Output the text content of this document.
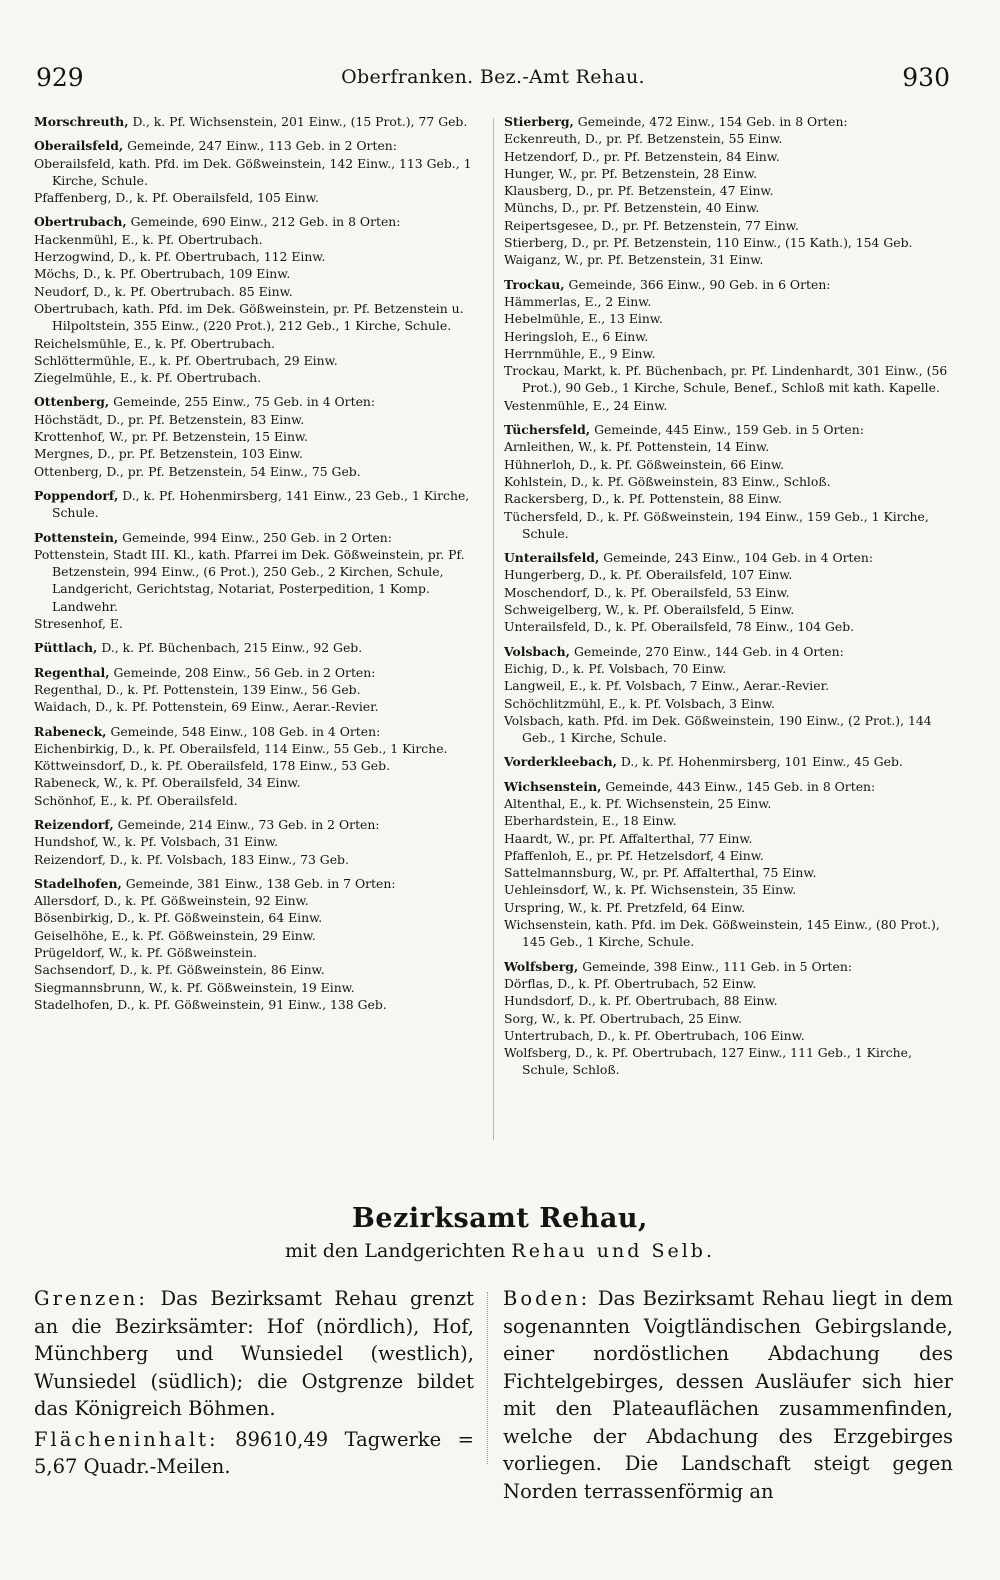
929	Oberfranken. Bez.-Amt Rehau.	930
Morschreuth, D., k. Pf. Wichsenstein, 201 Einw., (15 Prot.), 77 Geb.
Oberailsfeld, Gemeinde, 247 Einw., 113 Geb. in 2 Orten:
Oberailsfeld, kath. Pfd. im Dek. Gößweinstein, 142 Einw., 113 Geb., 1 Kirche, Schule.
Pfaffenberg, D., k. Pf. Oberailsfeld, 105 Einw.
Obertrubach, Gemeinde, 690 Einw., 212 Geb. in 8 Orten:
Hackenmühl, E., k. Pf. Obertrubach.
Herzogwind, D., k. Pf. Obertrubach, 112 Einw.
Möchs, D., k. Pf. Obertrubach, 109 Einw.
Neudorf, D., k. Pf. Obertrubach. 85 Einw.
Obertrubach, kath. Pfd. im Dek. Gößweinstein, pr. Pf. Betzenstein u. Hilpoltstein, 355 Einw., (220 Prot.), 212 Geb., 1 Kirche, Schule.
Reichelsmühle, E., k. Pf. Obertrubach.
Schlöttermühle, E., k. Pf. Obertrubach, 29 Einw.
Ziegelmühle, E., k. Pf. Obertrubach.
Ottenberg, Gemeinde, 255 Einw., 75 Geb. in 4 Orten:
Höchstädt, D., pr. Pf. Betzenstein, 83 Einw.
Krottenhof, W., pr. Pf. Betzenstein, 15 Einw.
Mergnes, D., pr. Pf. Betzenstein, 103 Einw.
Ottenberg, D., pr. Pf. Betzenstein, 54 Einw., 75 Geb.
Poppendorf, D., k. Pf. Hohenmirsberg, 141 Einw., 23 Geb., 1 Kirche, Schule.
Pottenstein, Gemeinde, 994 Einw., 250 Geb. in 2 Orten:
Pottenstein, Stadt III. Kl., kath. Pfarrei im Dek. Gößweinstein, pr. Pf. Betzenstein, 994 Einw., (6 Prot.), 250 Geb., 2 Kirchen, Schule, Landgericht, Gerichtstag, Notariat, Posterpedition, 1 Komp. Landwehr.
Stresenhof, E.
Püttlach, D., k. Pf. Büchenbach, 215 Einw., 92 Geb.
Regenthal, Gemeinde, 208 Einw., 56 Geb. in 2 Orten:
Regenthal, D., k. Pf. Pottenstein, 139 Einw., 56 Geb.
Waidach, D., k. Pf. Pottenstein, 69 Einw., Aerar.-Revier.
Rabeneck, Gemeinde, 548 Einw., 108 Geb. in 4 Orten:
Eichenbirkig, D., k. Pf. Oberailsfeld, 114 Einw., 55 Geb., 1 Kirche.
Köttweinsdorf, D., k. Pf. Oberailsfeld, 178 Einw., 53 Geb.
Rabeneck, W., k. Pf. Oberailsfeld, 34 Einw.
Schönhof, E., k. Pf. Oberailsfeld.
Reizendorf, Gemeinde, 214 Einw., 73 Geb. in 2 Orten:
Hundshof, W., k. Pf. Volsbach, 31 Einw.
Reizendorf, D., k. Pf. Volsbach, 183 Einw., 73 Geb.
Stadelhofen, Gemeinde, 381 Einw., 138 Geb. in 7 Orten:
Allersdorf, D., k. Pf. Gößweinstein, 92 Einw.
Bösenbirkig, D., k. Pf. Gößweinstein, 64 Einw.
Geiselhöhe, E., k. Pf. Gößweinstein, 29 Einw.
Prügeldorf, W., k. Pf. Gößweinstein.
Sachsendorf, D., k. Pf. Gößweinstein, 86 Einw.
Siegmannsbrunn, W., k. Pf. Gößweinstein, 19 Einw.
Stadelhofen, D., k. Pf. Gößweinstein, 91 Einw., 138 Geb.
Stierberg, Gemeinde, 472 Einw., 154 Geb. in 8 Orten:
Eckenreuth, D., pr. Pf. Betzenstein, 55 Einw.
Hetzendorf, D., pr. Pf. Betzenstein, 84 Einw.
Hunger, W., pr. Pf. Betzenstein, 28 Einw.
Klausberg, D., pr. Pf. Betzenstein, 47 Einw.
Münchs, D., pr. Pf. Betzenstein, 40 Einw.
Reipertsgesee, D., pr. Pf. Betzenstein, 77 Einw.
Stierberg, D., pr. Pf. Betzenstein, 110 Einw., (15 Kath.), 154 Geb.
Waiganz, W., pr. Pf. Betzenstein, 31 Einw.
Trockau, Gemeinde, 366 Einw., 90 Geb. in 6 Orten:
Hämmerlas, E., 2 Einw.
Hebelmühle, E., 13 Einw.
Heringsloh, E., 6 Einw.
Herrnmühle, E., 9 Einw.
Trockau, Markt, k. Pf. Büchenbach, pr. Pf. Lindenhardt, 301 Einw., (56 Prot.), 90 Geb., 1 Kirche, Schule, Benef., Schloß mit kath. Kapelle.
Vestenmühle, E., 24 Einw.
Tüchersfeld, Gemeinde, 445 Einw., 159 Geb. in 5 Orten:
Arnleithen, W., k. Pf. Pottenstein, 14 Einw.
Hühnerloh, D., k. Pf. Gößweinstein, 66 Einw.
Kohlstein, D., k. Pf. Gößweinstein, 83 Einw., Schloß.
Rackersberg, D., k. Pf. Pottenstein, 88 Einw.
Tüchersfeld, D., k. Pf. Gößweinstein, 194 Einw., 159 Geb., 1 Kirche, Schule.
Unterailsfeld, Gemeinde, 243 Einw., 104 Geb. in 4 Orten:
Hungerberg, D., k. Pf. Oberailsfeld, 107 Einw.
Moschendorf, D., k. Pf. Oberailsfeld, 53 Einw.
Schweigelberg, W., k. Pf. Oberailsfeld, 5 Einw.
Unterailsfeld, D., k. Pf. Oberailsfeld, 78 Einw., 104 Geb.
Volsbach, Gemeinde, 270 Einw., 144 Geb. in 4 Orten:
Eichig, D., k. Pf. Volsbach, 70 Einw.
Langweil, E., k. Pf. Volsbach, 7 Einw., Aerar.-Revier.
Schöchlitzmühl, E., k. Pf. Volsbach, 3 Einw.
Volsbach, kath. Pfd. im Dek. Gößweinstein, 190 Einw., (2 Prot.), 144 Geb., 1 Kirche, Schule.
Vorderkleebach, D., k. Pf. Hohenmirsberg, 101 Einw., 45 Geb.
Wichsenstein, Gemeinde, 443 Einw., 145 Geb. in 8 Orten:
Altenthal, E., k. Pf. Wichsenstein, 25 Einw.
Eberhardstein, E., 18 Einw.
Haardt, W., pr. Pf. Affalterthal, 77 Einw.
Pfaffenloh, E., pr. Pf. Hetzelsdorf, 4 Einw.
Sattelmannsburg, W., pr. Pf. Affalterthal, 75 Einw.
Uehleinsdorf, W., k. Pf. Wichsenstein, 35 Einw.
Urspring, W., k. Pf. Pretzfeld, 64 Einw.
Wichsenstein, kath. Pfd. im Dek. Gößweinstein, 145 Einw., (80 Prot.), 145 Geb., 1 Kirche, Schule.
Wolfsberg, Gemeinde, 398 Einw., 111 Geb. in 5 Orten:
Dörflas, D., k. Pf. Obertrubach, 52 Einw.
Hundsdorf, D., k. Pf. Obertrubach, 88 Einw.
Sorg, W., k. Pf. Obertrubach, 25 Einw.
Untertrubach, D., k. Pf. Obertrubach, 106 Einw.
Wolfsberg, D., k. Pf. Obertrubach, 127 Einw., 111 Geb., 1 Kirche, Schule, Schloß.
Bezirksamt Rehau,
mit den Landgerichten Rehau und Selb.

Grenzen: Das Bezirksamt Rehau grenzt an die Bezirksämter: Hof (nördlich), Hof, Münchberg und Wunsiedel (westlich), Wunsiedel (südlich); die Ostgrenze bildet das Königreich Böhmen.

Flächeninhalt: 89610,49 Tagwerke = 5,67 Quadr.-Meilen.

Boden: Das Bezirksamt Rehau liegt in dem sogenannten Voigtländischen Gebirgslande, einer nordöstlichen Abdachung des Fichtelgebirges, dessen Ausläufer sich hier mit den Plateauflächen zusammenfinden, welche der Abdachung des Erzgebirges vorliegen. Die Landschaft steigt gegen Norden terrassenförmig an
